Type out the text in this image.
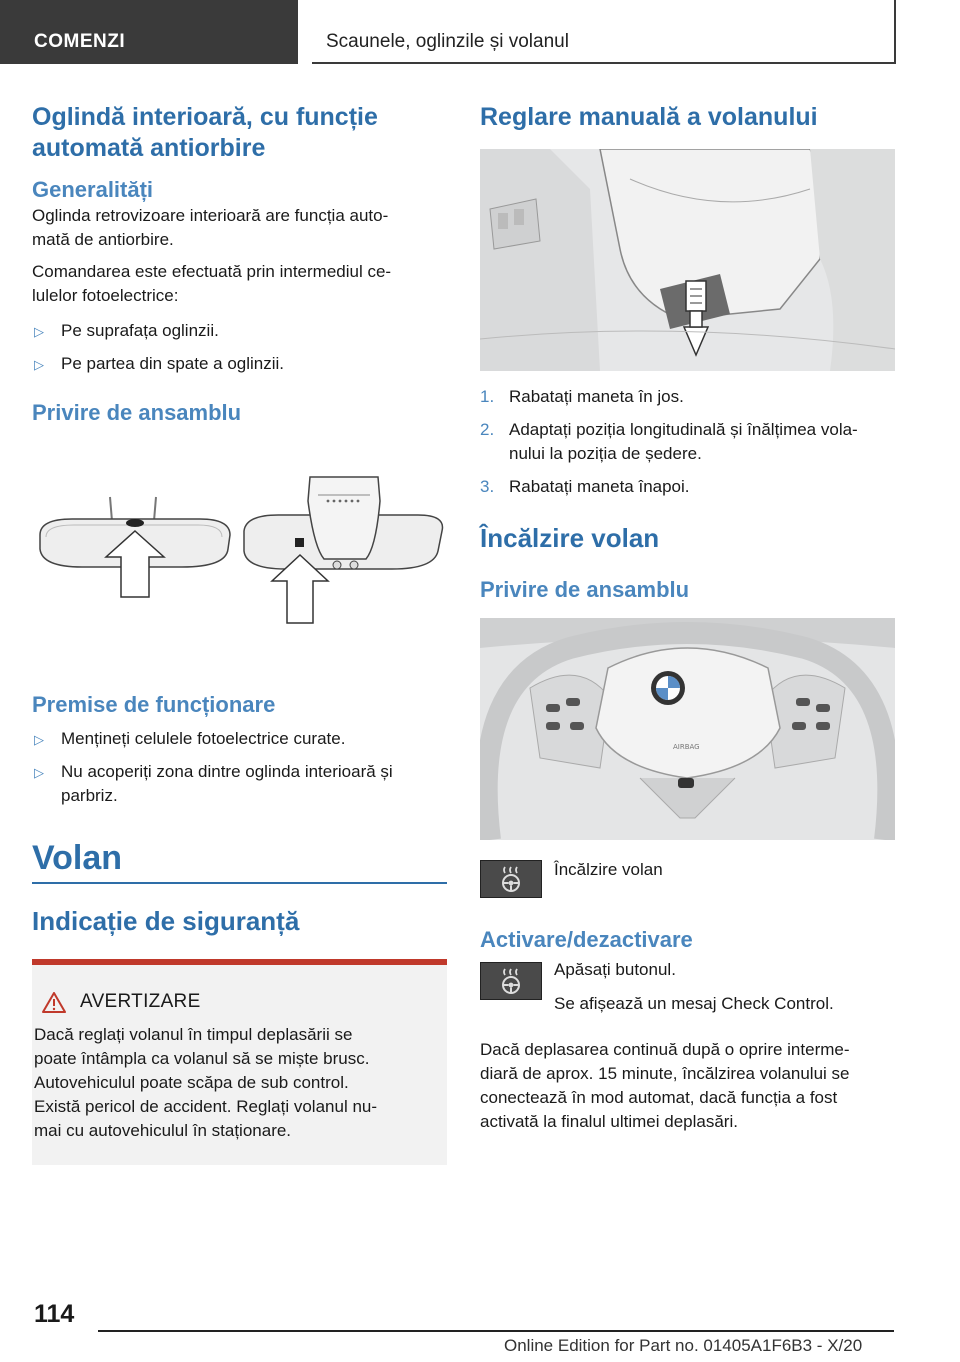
COMENZI	Scaunele, oglinzile și volanul

Oglindă interioară, cu funcție
automată antiorbire

Generalități

Oglinda retrovizoare interioară are funcția auto-
mată de antiorbire.

Comandarea este efectuată prin intermediul ce-
lulelor fotoelectrice:

▷ Pe suprafața oglinzii.
▷ Pe partea din spate a oglinzii.

Privire de ansamblu

Premise de funcționare

▷ Mențineți celulele fotoelectrice curate.
▷ Nu acoperiți zona dintre oglinda interioară și
parbriz.

Volan

Indicație de siguranță

AVERTIZARE
Dacă reglați volanul în timpul deplasării se
poate întâmpla ca volanul să se miște brusc.
Autovehiculul poate scăpa de sub control.
Există pericol de accident. Reglați volanul nu-
mai cu autovehiculul în staționare.

Reglare manuală a volanului

1. Rabatați maneta în jos.
2. Adaptați poziția longitudinală și înălțimea vola-
nului la poziția de ședere.
3. Rabatați maneta înapoi.

Încălzire volan

Privire de ansamblu

AIRBAG
Încălzire volan

Activare/dezactivare

Apăsați butonul.

Se afișează un mesaj Check Control.

Dacă deplasarea continuă după o oprire interme-
diară de aprox. 15 minute, încălzirea volanului se
conectează în mod automat, dacă funcția a fost
activată la finalul ultimei deplasări.

114
Online Edition for Part no. 01405A1F6B3 - X/20
